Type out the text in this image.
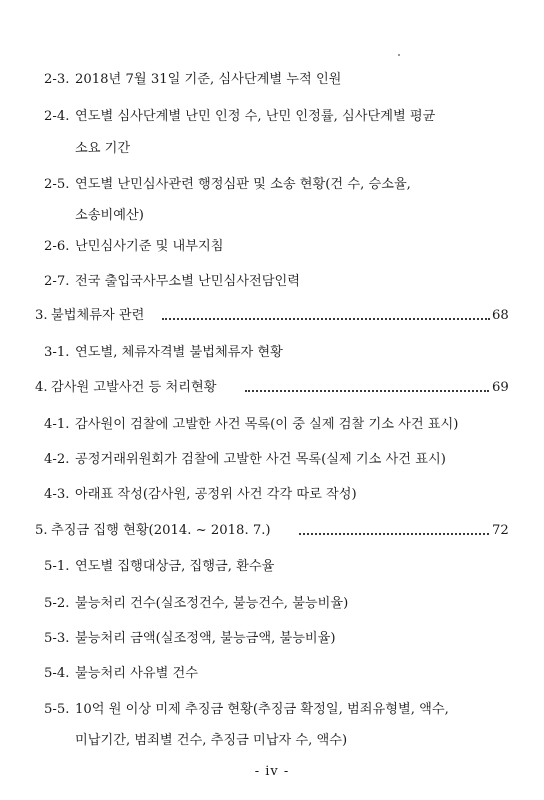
2-3. 2018년 7월 31일 기준, 심사단계별 누적 인원
2-4. 연도별 심사단계별 난민 인정 수, 난민 인정률, 심사단계별 평균
소요 기간
2-5. 연도별 난민심사관련 행정심판 및 소송 현황(건 수, 승소율,
소송비예산)
2-6. 난민심사기준 및 내부지침
2-7. 전국 출입국사무소별 난민심사전담인력
3. 불법체류자 관련	68
3-1. 연도별, 체류자격별 불법체류자 현황
4. 감사원 고발사건 등 처리현황	69
4-1. 감사원이 검찰에 고발한 사건 목록(이 중 실제 검찰 기소 사건 표시)
4-2. 공정거래위원회가 검찰에 고발한 사건 목록(실제 기소 사건 표시)
4-3. 아래표 작성(감사원, 공정위 사건 각각 따로 작성)
5. 추징금 집행 현황(2014. ~ 2018. 7.)	72
5-1. 연도별 집행대상금, 집행금, 환수율
5-2. 불능처리 건수(실조정건수, 불능건수, 불능비율)
5-3. 불능처리 금액(실조정액, 불능금액, 불능비율)
5-4. 불능처리 사유별 건수
5-5. 10억 원 이상 미제 추징금 현황(추징금 확정일, 범죄유형별, 액수,
미납기간, 범죄별 건수, 추징금 미납자 수, 액수)
- iv -
